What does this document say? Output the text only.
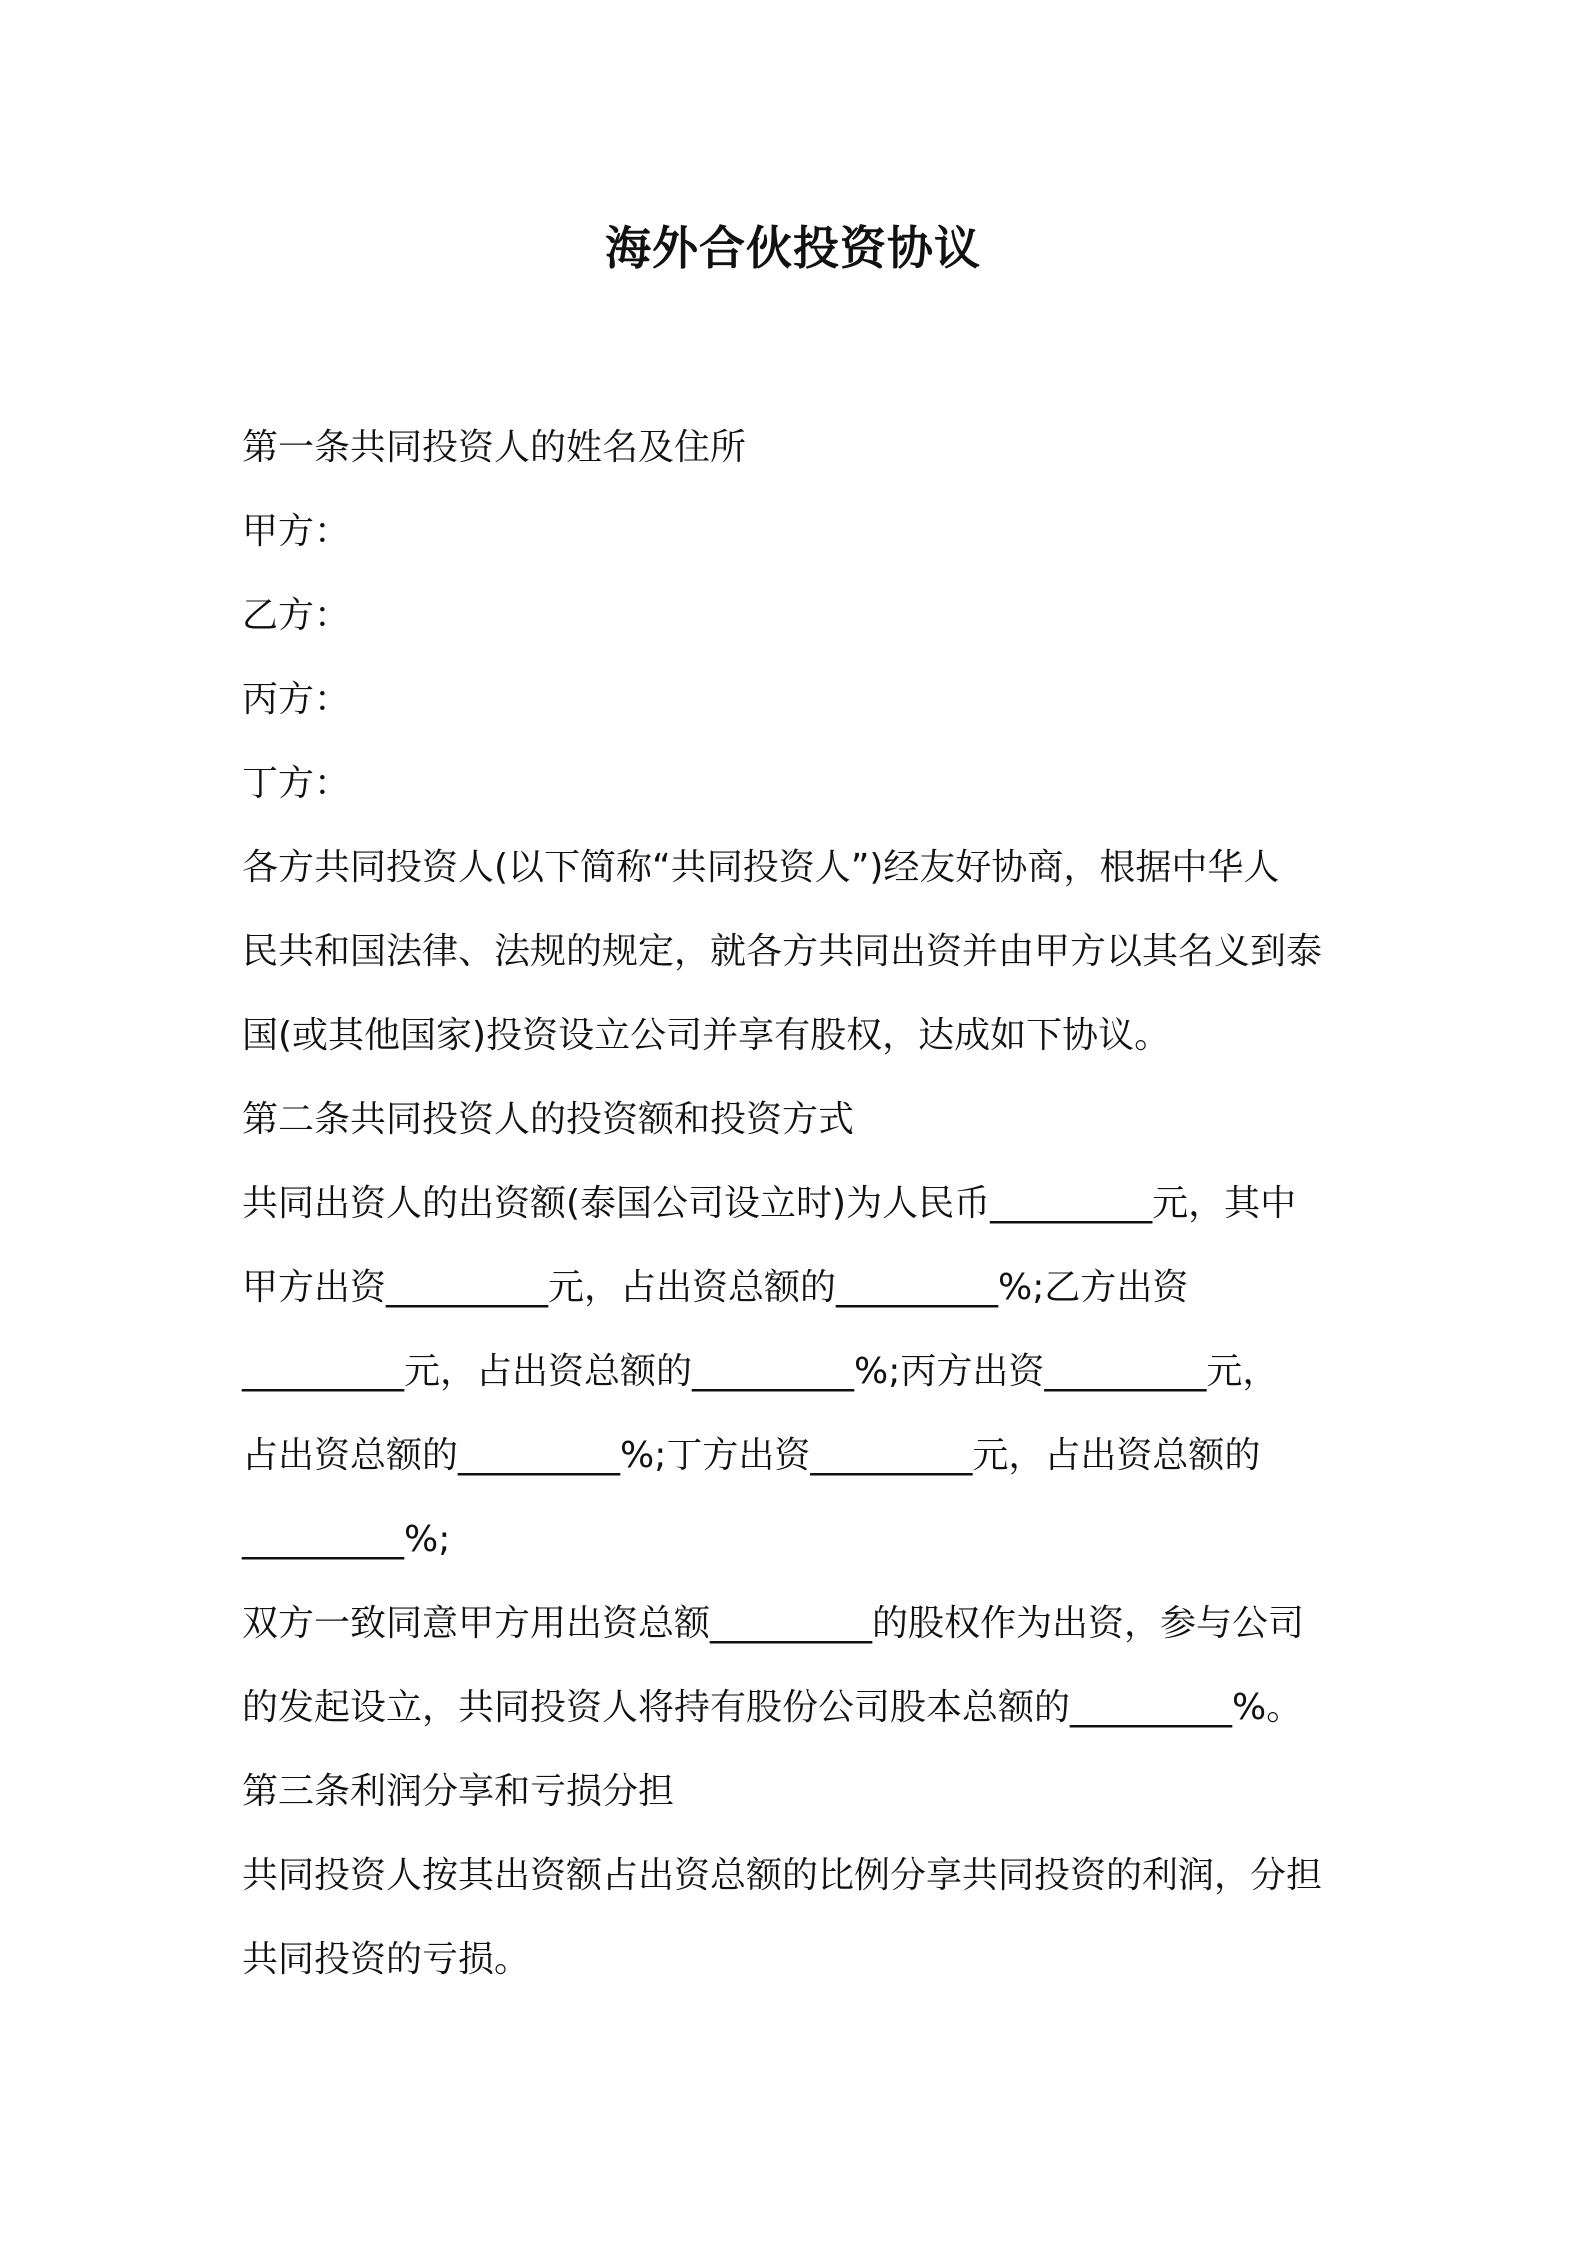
海外合伙投资协议
第一条共同投资人的姓名及住所
甲方：
乙方：
丙方：
丁方：
各方共同投资人(以下简称“共同投资人”)经友好协商，根据中华人
民共和国法律、法规的规定，就各方共同出资并由甲方以其名义到泰
国(或其他国家)投资设立公司并享有股权，达成如下协议。
第二条共同投资人的投资额和投资方式
共同出资人的出资额(泰国公司设立时)为人民币_________元，其中
甲方出资_________元，占出资总额的_________%;乙方出资
_________元，占出资总额的_________%;丙方出资_________元，
占出资总额的_________%;丁方出资_________元，占出资总额的
_________%;
双方一致同意甲方用出资总额_________的股权作为出资，参与公司
的发起设立，共同投资人将持有股份公司股本总额的_________%。
第三条利润分享和亏损分担
共同投资人按其出资额占出资总额的比例分享共同投资的利润，分担
共同投资的亏损。
